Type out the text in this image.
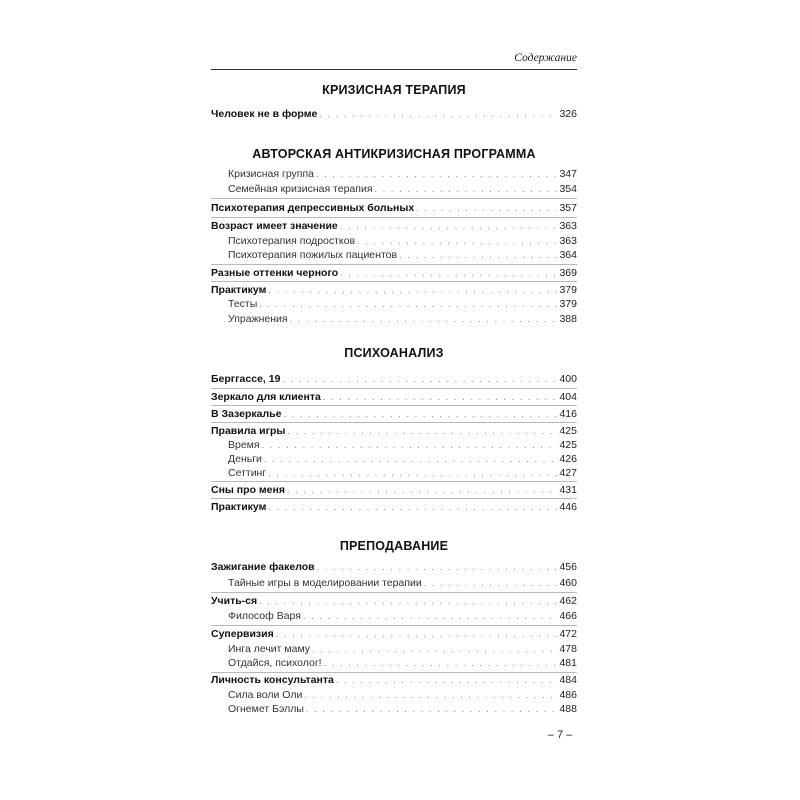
Содержание
КРИЗИСНАЯ ТЕРАПИЯ
Человек не в форме . . .	326
АВТОРСКАЯ АНТИКРИЗИСНАЯ ПРОГРАММА
Кризисная группа . . .	347
Семейная кризисная терапия . . .	354
Психотерапия депрессивных больных . . .	357
Возраст имеет значение . . .	363
Психотерапия подростков . . .	363
Психотерапия пожилых пациентов . . .	364
Разные оттенки черного . . .	369
Практикум . . .	379
Тесты . . .	379
Упражнения . . .	388
ПСИХОАНАЛИЗ
Берггассе, 19 . . .	400
Зеркало для клиента . . .	404
В Зазеркалье . . .	416
Правила игры . . .	425
Время . . .	425
Деньги . . .	426
Сеттинг . . .	427
Сны про меня . . .	431
Практикум . . .	446
ПРЕПОДАВАНИЕ
Зажигание факелов . . .	456
Тайные игры в моделировании терапии . . .	460
Учить-ся . . .	462
Философ Варя . . .	466
Супервизия . . .	472
Инга лечит маму . . .	478
Отдайся, психолог! . . .	481
Личность консультанта . . .	484
Сила воли Оли . . .	486
Огнемет Бэллы . . .	488
– 7 –
